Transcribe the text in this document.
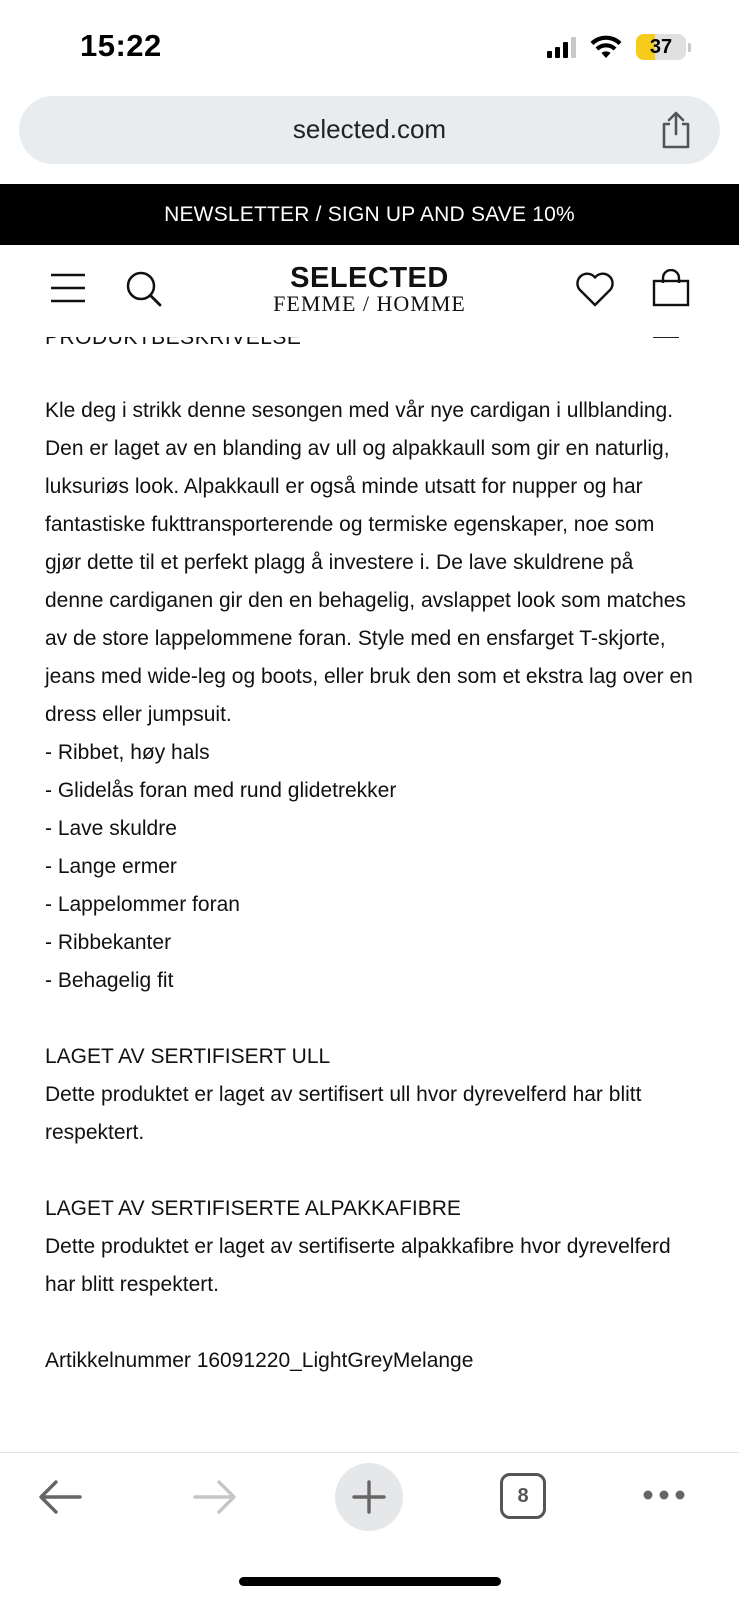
15:22	37
selected.com
NEWSLETTER / SIGN UP AND SAVE 10%
SELECTED
FEMME / HOMME

Kle deg i strikk denne sesongen med vår nye cardigan i ullblanding. Den er laget av en blanding av ull og alpakkaull som gir en naturlig, luksuriøs look. Alpakkaull er også minde utsatt for nupper og har fantastiske fukttransporterende og termiske egenskaper, noe som gjør dette til et perfekt plagg å investere i. De lave skuldrene på denne cardiganen gir den en behagelig, avslappet look som matches av de store lappelommene foran. Style med en ensfarget T-skjorte, jeans med wide-leg og boots, eller bruk den som et ekstra lag over en dress eller jumpsuit.

- Ribbet, høy hals

- Glidelås foran med rund glidetrekker

- Lave skuldre

- Lange ermer

- Lappelommer foran

- Ribbekanter

- Behagelig fit

LAGET AV SERTIFISERT ULL

Dette produktet er laget av sertifisert ull hvor dyrevelferd har blitt respektert.

LAGET AV SERTIFISERTE ALPAKKAFIBRE

Dette produktet er laget av sertifiserte alpakkafibre hvor dyrevelferd har blitt respektert.

Artikkelnummer 16091220_LightGreyMelange

8
